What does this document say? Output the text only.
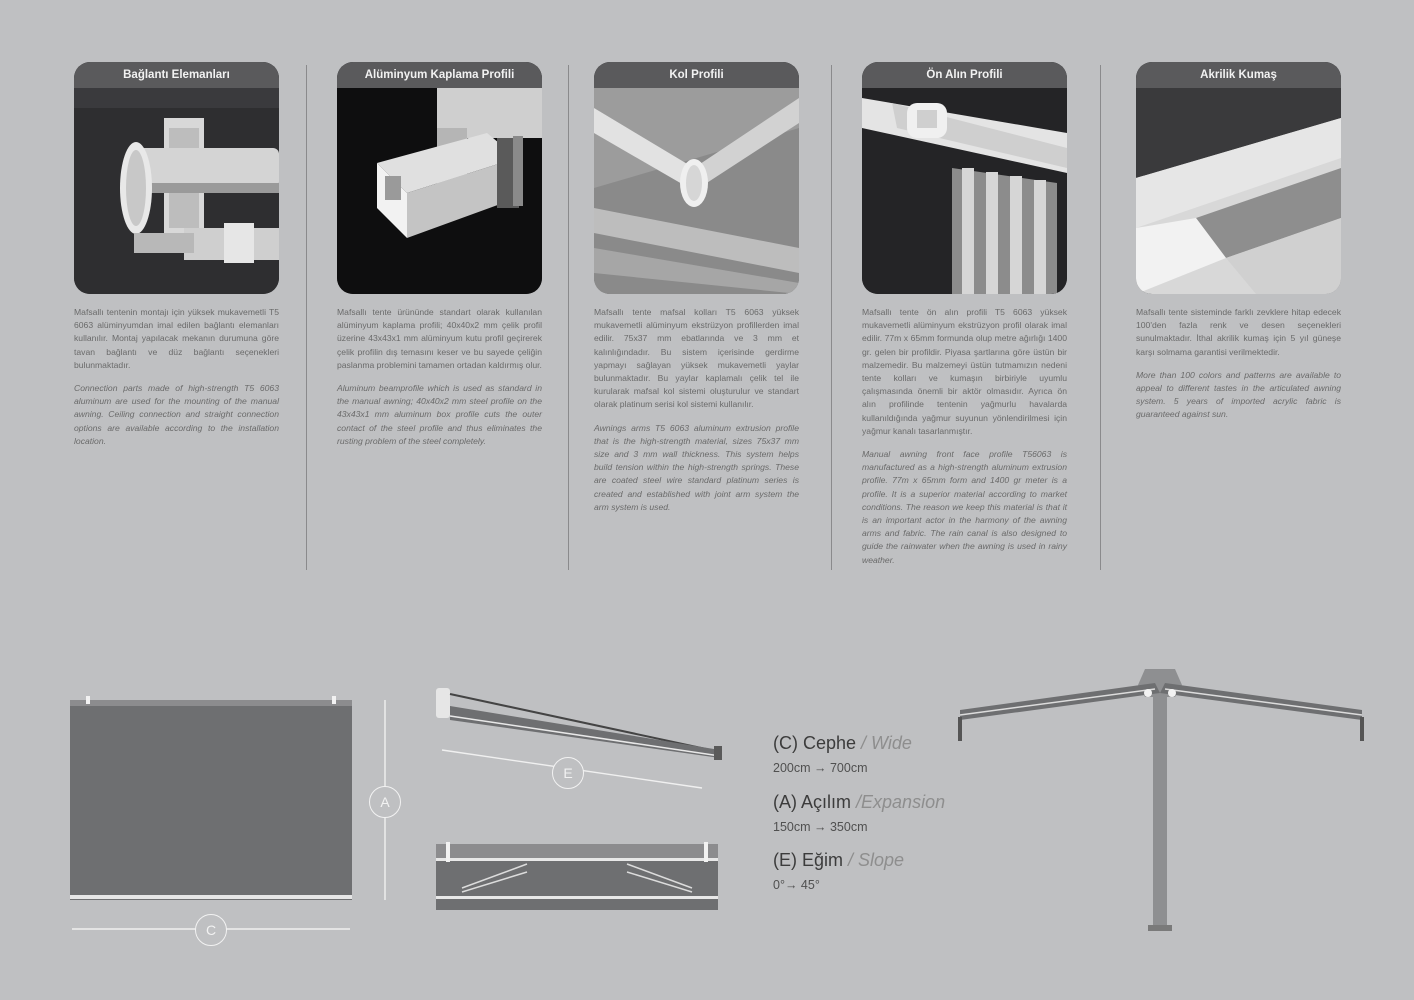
Bağlantı Elemanları

Mafsallı tentenin montajı için yüksek mukavemetli T5 6063 alüminyumdan imal edilen bağlantı elemanları kullanılır. Montaj yapılacak mekanın durumuna göre tavan bağlantı ve düz bağlantı seçenekleri bulunmaktadır.

Connection parts made of high-strength T5 6063 aluminum are used for the mounting of the manual awning. Ceiling connection and straight connection options are available according to the installation location.

Alüminyum Kaplama Profili

Mafsallı tente ürününde standart olarak kullanılan alüminyum kaplama profili; 40x40x2 mm çelik profil üzerine 43x43x1 mm alüminyum kutu profil geçirerek çelik profilin dış temasını keser ve bu sayede çeliğin paslanma problemini tamamen ortadan kaldırmış olur.

Aluminum beamprofile which is used as standard in the manual awning; 40x40x2 mm steel profile on the 43x43x1 mm aluminum box profile cuts the outer contact of the steel profile and thus eliminates the rusting problem of the steel completely.

Kol Profili

Mafsallı tente mafsal kolları T5 6063 yüksek mukavemetli alüminyum ekstrüzyon profillerden imal edilir. 75x37 mm ebatlarında ve 3 mm et kalınlığındadır. Bu sistem içerisinde gerdirme yapmayı sağlayan yüksek mukavemetli yaylar bulunmaktadır. Bu yaylar kaplamalı çelik tel ile kurularak mafsal kol sistemi oluşturulur ve standart olarak platinum serisi kol sistemi kullanılır.

Awnings arms T5 6063 aluminum extrusion profile that is the high-strength material, sizes 75x37 mm size and 3 mm wall thickness. This system helps build tension within the high-strength springs. These are coated steel wire standard platinum series is created and established with joint arm system the arm system is used.

Ön Alın Profili

Mafsallı tente ön alın profili T5 6063 yüksek mukavemetli alüminyum ekstrüzyon profil olarak imal edilir. 77m x 65mm formunda olup metre ağırlığı 1400 gr. gelen bir profildir. Piyasa şartlarına göre üstün bir malzemedir. Bu malzemeyi üstün tutmamızın nedeni tente kolları ve kumaşın birbiriyle uyumlu çalışmasında önemli bir aktör olmasıdır. Ayrıca ön alın profilinde tentenin yağmurlu havalarda kullanıldığında yağmur suyunun yönlendirilmesi için yağmur kanalı tasarlanmıştır.

Manual awning front face profile T56063 is manufactured as a high-strength aluminum extrusion profile. 77m x 65mm form and 1400 gr meter is a profile. It is a superior material according to market conditions. The reason we keep this material is that it is an important actor in the harmony of the awning arms and fabric. The rain canal is also designed to guide the rainwater when the awning is used in rainy weather.

Akrilik Kumaş

Mafsallı tente sisteminde farklı zevklere hitap edecek 100'den fazla renk ve desen seçenekleri sunulmaktadır. İthal akrilik kumaş için 5 yıl güneşe karşı solmama garantisi verilmektedir.

More than 100 colors and patterns are available to appeal to different tastes in the articulated awning system. 5 years of imported acrylic fabric is guaranteed against sun.

A
C
E
(C) Cephe / Wide
200cm → 700cm
(A) Açılım /Expansion
150cm → 350cm
(E) Eğim / Slope
0°→ 45°
